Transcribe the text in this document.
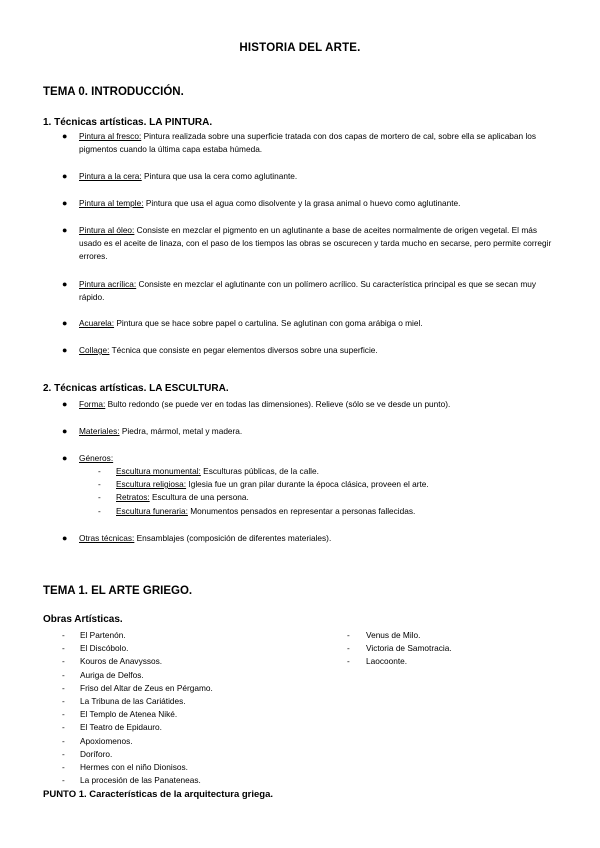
HISTORIA DEL ARTE.
TEMA 0. INTRODUCCIÓN.
1. Técnicas artísticas. LA PINTURA.
●	Pintura al fresco: Pintura realizada sobre una superficie tratada con dos capas de mortero de cal, sobre ella se aplicaban los pigmentos cuando la última capa estaba húmeda.
●	Pintura a la cera: Pintura que usa la cera como aglutinante.
●	Pintura al temple: Pintura que usa el agua como disolvente y la grasa animal o huevo como aglutinante.
●	Pintura al óleo: Consiste en mezclar el pigmento en un aglutinante a base de aceites normalmente de origen vegetal. El más usado es el aceite de linaza, con el paso de los tiempos las obras se oscurecen y tarda mucho en secarse, pero permite corregir errores.
●	Pintura acrílica: Consiste en mezclar el aglutinante con un polímero acrílico. Su característica principal es que se secan muy rápido.
●	Acuarela: Pintura que se hace sobre papel o cartulina. Se aglutinan con goma arábiga o miel.
●	Collage: Técnica que consiste en pegar elementos diversos sobre una superficie.
2. Técnicas artísticas. LA ESCULTURA.
●	Forma: Bulto redondo (se puede ver en todas las dimensiones). Relieve (sólo se ve desde un punto).
●	Materiales: Piedra, mármol, metal y madera.
●	Géneros:
- Escultura monumental: Esculturas públicas, de la calle.
- Escultura religiosa: Iglesia fue un gran pilar durante la época clásica, proveen el arte.
- Retratos: Escultura de una persona.
- Escultura funeraria: Monumentos pensados en representar a personas fallecidas.
●	Otras técnicas: Ensamblajes (composición de diferentes materiales).
TEMA 1. EL ARTE GRIEGO.
Obras Artísticas.
- El Partenón.
- El Discóbolo.
- Kouros de Anavyssos.
- Auriga de Delfos.
- Friso del Altar de Zeus en Pérgamo.
- La Tribuna de las Cariátides.
- El Templo de Atenea Niké.
- El Teatro de Epidauro.
- Apoxiomenos.
- Doríforo.
- Hermes con el niño Dionisos.
- La procesión de las Panateneas.
- Venus de Milo.
- Victoria de Samotracia.
- Laocoonte.
PUNTO 1. Características de la arquitectura griega.
